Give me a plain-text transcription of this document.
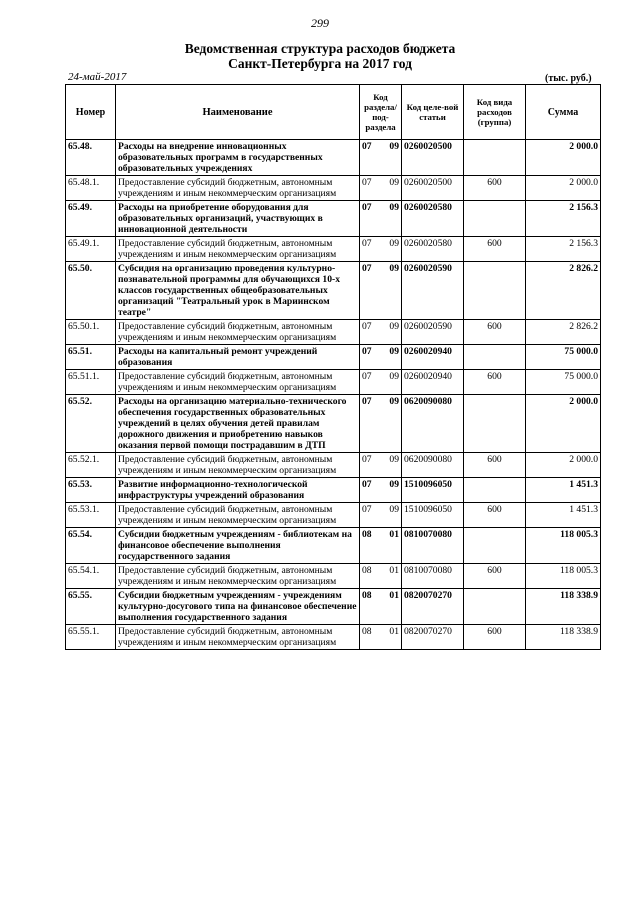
299
Ведомственная структура расходов бюджета
Санкт-Петербурга на 2017 год
24-май-2017	(тыс. руб.)
Номер	Наименование	Код раздела/ под-раздела		Код целе-вой статьи	Код вида расходов (группа)	Сумма
65.48.	Расходы на внедрение инновационных образовательных программ в государственных образовательных учреждениях	07	09	0260020500		2 000.0
65.48.1.	Предоставление субсидий бюджетным, автономным учреждениям и иным некоммерческим организациям	07	09	0260020500	600	2 000.0
65.49.	Расходы на приобретение оборудования для образовательных организаций, участвующих в инновационной деятельности	07	09	0260020580		2 156.3
65.49.1.	Предоставление субсидий бюджетным, автономным учреждениям и иным некоммерческим организациям	07	09	0260020580	600	2 156.3
65.50.	Субсидия на организацию проведения культурно-познавательной программы для обучающихся 10-х классов государственных общеобразовательных организаций "Театральный урок в Мариинском театре"	07	09	0260020590		2 826.2
65.50.1.	Предоставление субсидий бюджетным, автономным учреждениям и иным некоммерческим организациям	07	09	0260020590	600	2 826.2
65.51.	Расходы на капитальный ремонт учреждений образования	07	09	0260020940		75 000.0
65.51.1.	Предоставление субсидий бюджетным, автономным учреждениям и иным некоммерческим организациям	07	09	0260020940	600	75 000.0
65.52.	Расходы на организацию материально-технического обеспечения государственных образовательных учреждений в целях обучения детей правилам дорожного движения и приобретению навыков оказания первой помощи пострадавшим в ДТП	07	09	0620090080		2 000.0
65.52.1.	Предоставление субсидий бюджетным, автономным учреждениям и иным некоммерческим организациям	07	09	0620090080	600	2 000.0
65.53.	Развитие информационно-технологической инфраструктуры учреждений образования	07	09	1510096050		1 451.3
65.53.1.	Предоставление субсидий бюджетным, автономным учреждениям и иным некоммерческим организациям	07	09	1510096050	600	1 451.3
65.54.	Субсидии бюджетным учреждениям - библиотекам на финансовое обеспечение выполнения государственного задания	08	01	0810070080		118 005.3
65.54.1.	Предоставление субсидий бюджетным, автономным учреждениям и иным некоммерческим организациям	08	01	0810070080	600	118 005.3
65.55.	Субсидии бюджетным учреждениям - учреждениям культурно-досугового типа на финансовое обеспечение выполнения государственного задания	08	01	0820070270		118 338.9
65.55.1.	Предоставление субсидий бюджетным, автономным учреждениям и иным некоммерческим организациям	08	01	0820070270	600	118 338.9
